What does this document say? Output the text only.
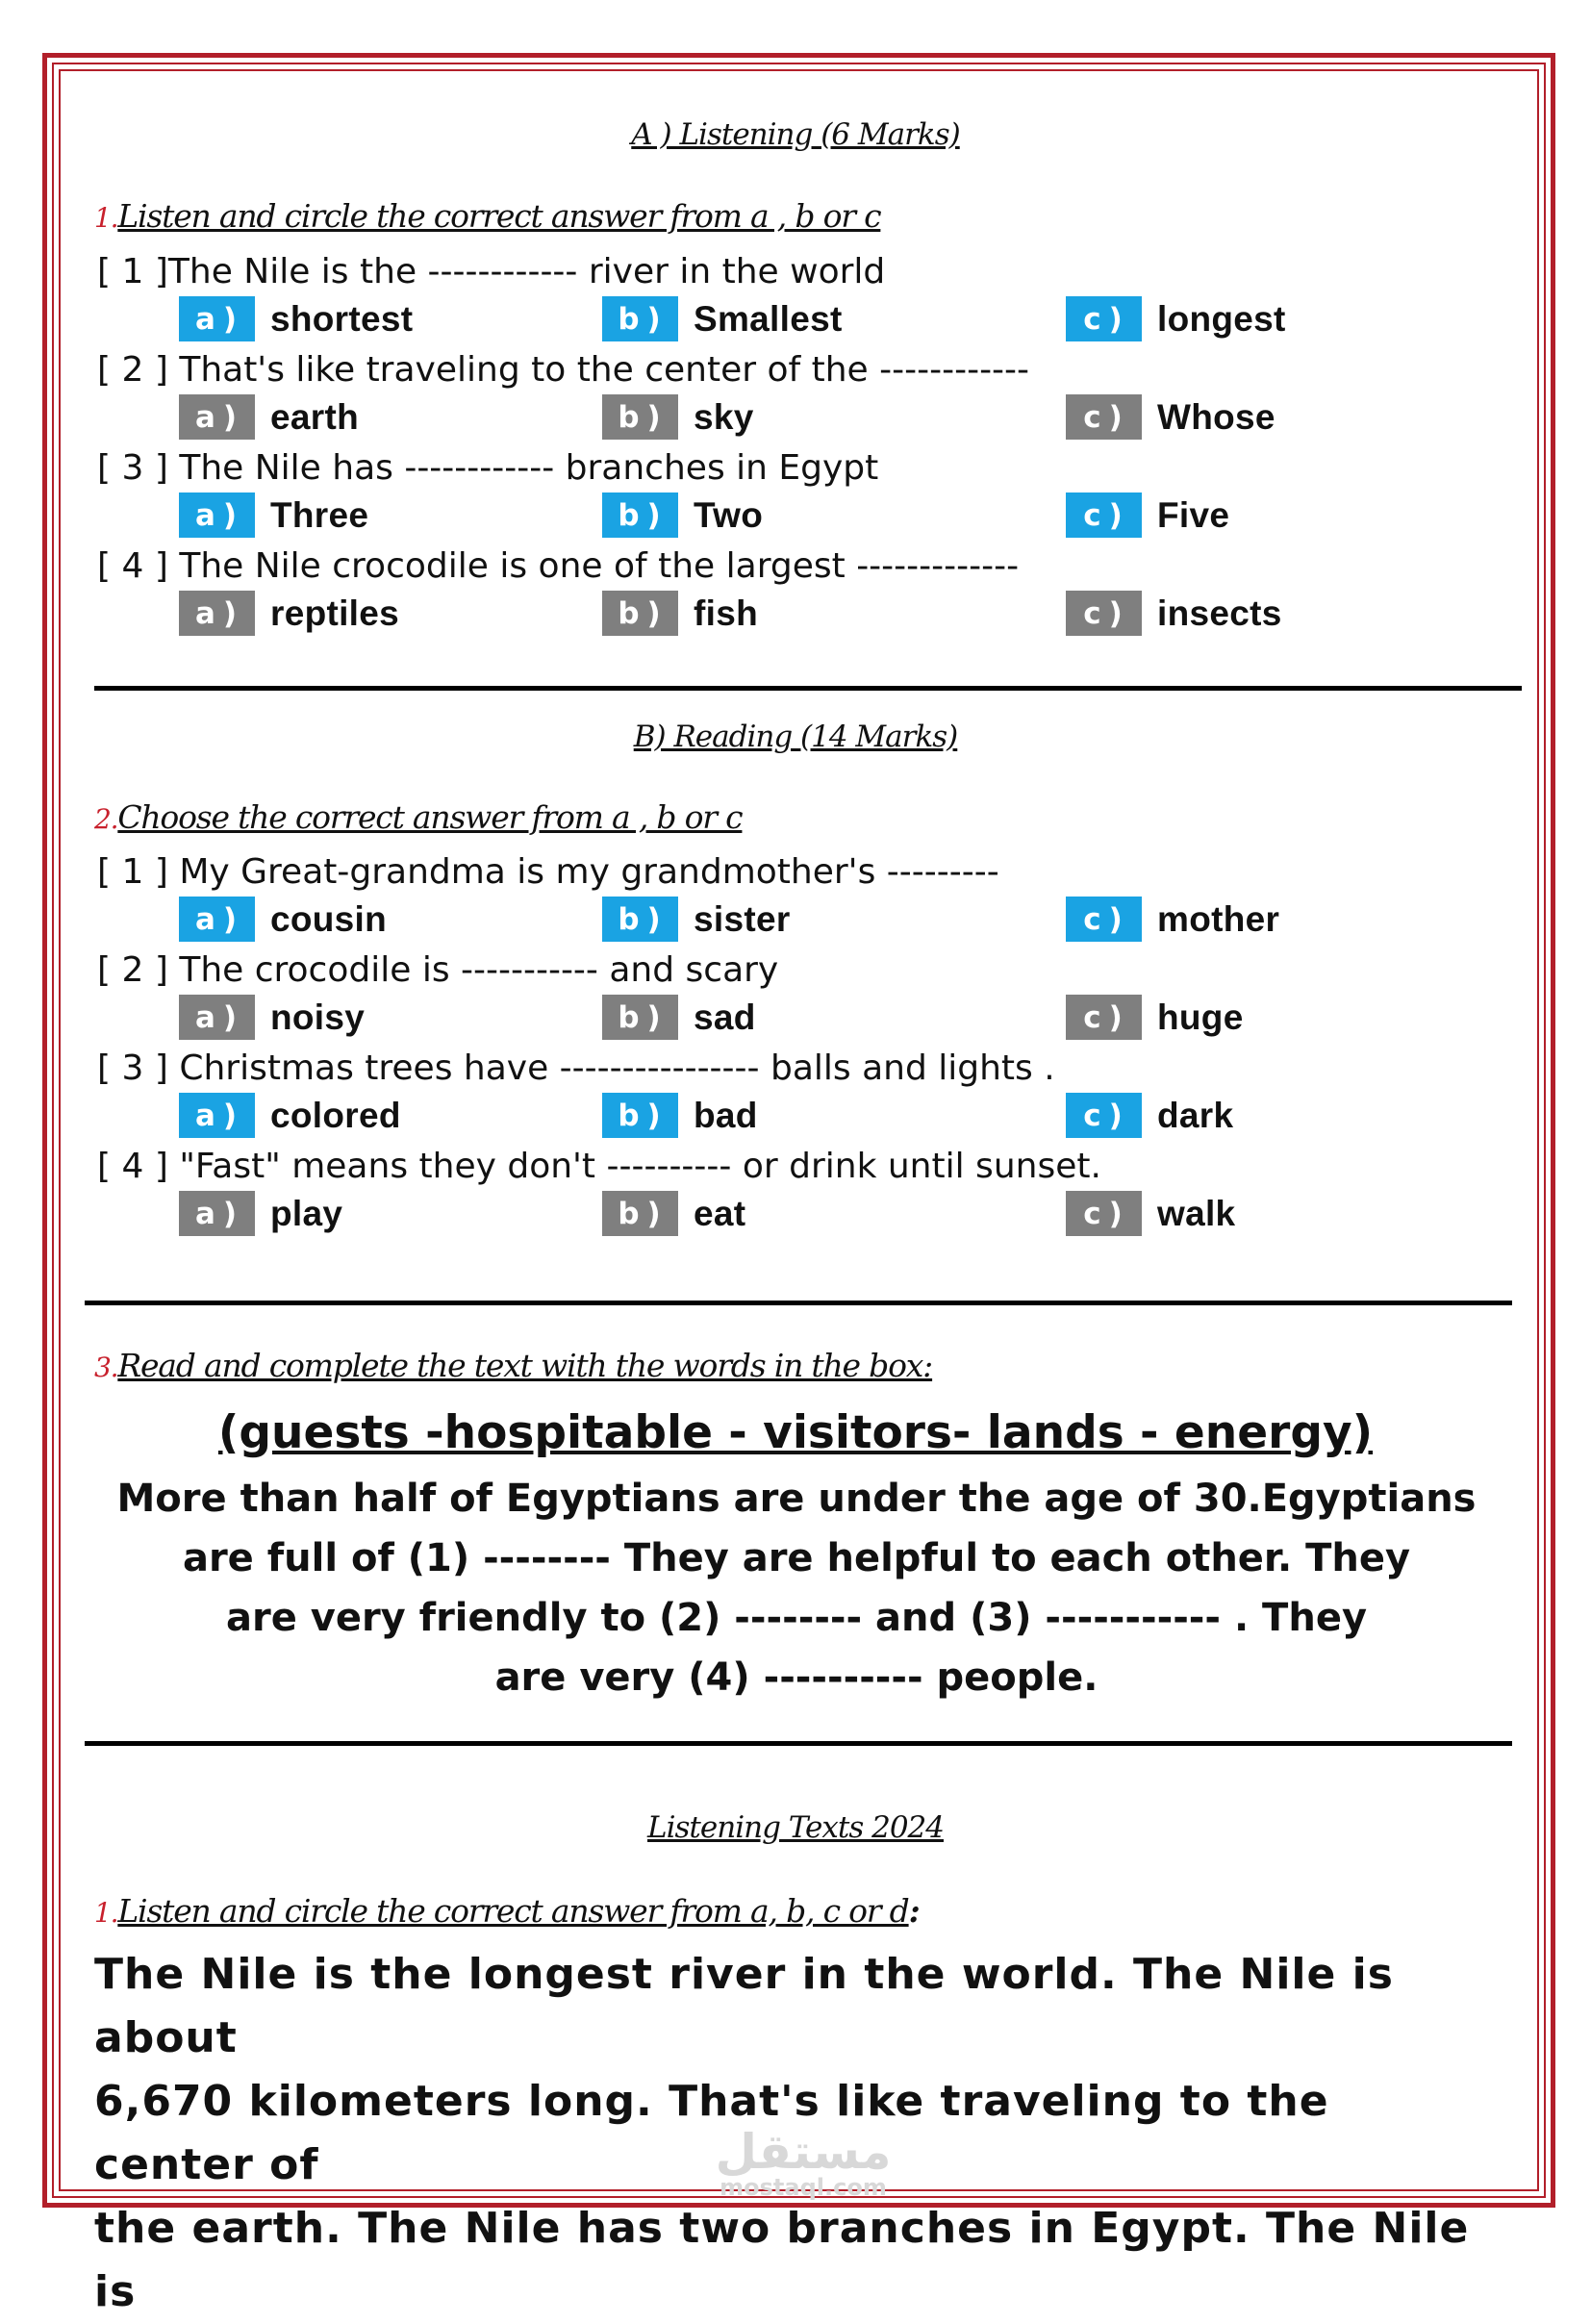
A ) Listening (6 Marks)
1.Listen and circle the correct answer from a , b or c
[ 1 ]The Nile is the ------------ river in the world
a) shortest	b) Smallest	c) longest
[ 2 ] That's like traveling to the center of the ------------
a) earth	b) sky	c) Whose
[ 3 ] The Nile has ------------ branches in Egypt
a) Three	b) Two	c) Five
[ 4 ] The Nile crocodile is one of the largest -------------
a) reptiles	b) fish	c) insects
B) Reading (14 Marks)
2.Choose the correct answer from a , b or c
[ 1 ] My Great-grandma is my grandmother's ---------
a) cousin	b) sister	c) mother
[ 2 ] The crocodile is ----------- and scary
a) noisy	b) sad	c) huge
[ 3 ] Christmas trees have ---------------- balls and lights .
a) colored	b) bad	c) dark
[ 4 ] "Fast" means they don't ---------- or drink until sunset.
a) play	b) eat	c) walk
3.Read and complete the text with the words in the box:
(guests -hospitable - visitors- lands - energy)
More than half of Egyptians are under the age of 30.Egyptians
are full of (1) -------- They are helpful to each other. They
are very friendly to (2) -------- and (3) ----------- . They
are very (4) ---------- people.
Listening Texts 2024
1.Listen and circle the correct answer from a, b, c or d:
The Nile is the longest river in the world. The Nile is about
6,670 kilometers long. That's like traveling to the center of
the earth. The Nile has two branches in Egypt. The Nile is
مستقل
mostaql.com
